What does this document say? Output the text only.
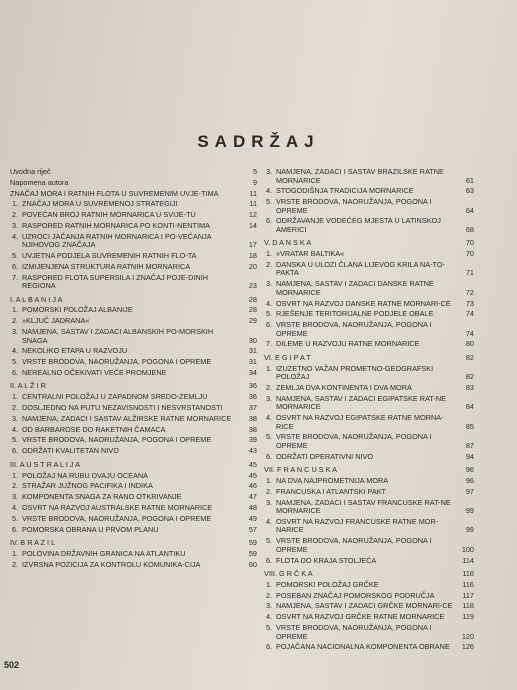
SADRŽAJ
Uvodna riječ	5
Napomena autora	9
ZNAČAJ MORA I RATNIH FLOTA U SUVREMENIM UVJE-TIMA	11
1. ZNAČAJ MORA U SUVREMENOJ STRATEGIJI	11
2. POVEĆAN BROJ RATNIH MORNARICA U SVIJE-TU	12
3. RASPORED RATNIH MORNARICA PO KONTI-NENTIMA	14
4. UZROCI JAČANJA RATNIH MORNARICA I PO-VEĆANJA NJIHOVOG ZNAČAJA	17
5. UVJETNA PODJELA SUVREMENIH RATNIH FLO-TA	18
6. IZMIJENJENA STRUKTURA RATNIH MORNARICA	20
7. RASPORED FLOTA SUPERSILA I ZNAČAJ POJE-DINIH REGIONA	23
I. A L B A N I J A	28
1. POMORSKI POLOŽAJ ALBANIJE	28
2. »KLJUČ JADRANA«	29
3. NAMJENA, SASTAV I ZADACI ALBANSKIH PO-MORSKIH SNAGA	30
4. NEKOLIKO ETAPA U RAZVOJU	31
5. VRSTE BRODOVA, NAORUŽANJA, POGONA I OPREME	31
6. NEREALNO OČEKIVATI VEĆE PROMJENE	34
II. A L Ž I R	36
1. CENTRALNI POLOŽAJ U ZAPADNOM SREDO-ZEMLJU	36
2. DOSLJEDNO NA PUTU NEZAVISNOSTI I NESVRSTANOSTI	37
3. NAMJENA, ZADACI I SASTAV ALŽIRSKE RATNE MORNARICE	38
4. OD BARBAROSE DO RAKETNIH ČAMACA	38
5. VRSTE BRODOVA, NAORUŽANJA, POGONA I OPREME	39
6. ODRŽATI KVALITETAN NIVO	43
III. A U S T R A L I J A	45
1. POLOŽAJ NA RUBU DVAJU OCEANA	45
2. STRAŽAR JUŽNOG PACIFIKA I INDIKA	46
3. KOMPONENTA SNAGA ZA RANO OTKRIVANJE	47
4. OSVRT NA RAZVOJ AUSTRALSKE RATNE MORNARICE	48
5. VRSTE BRODOVA, NAORUŽANJA, POGONA I OPREME	49
6. POMORSKA OBRANA U PRVOM PLANU	57
IV. B R A Z I L	59
1. POLOVINA DRŽAVNIH GRANICA NA ATLANTIKU	59
2. IZVRSNA POZICIJA ZA KONTROLU KOMUNIKA-CIJA	60
3. NAMJENA, ZADACI I SASTAV BRAZILSKE RATNE MORNARICE	61
4. STOGODIŠNJA TRADICIJA MORNARICE	63
5. VRSTE BRODOVA, NAORUŽANJA, POGONA I OPREME	64
6. ODRŽAVANJE VODEĆEG MJESTA U LATINSKOJ AMERICI	68
V. D A N S K A	70
1. »VRATAR BALTIKA«	70
2. DANSKA U ULOZI ČLANA LIJEVOG KRILA NA-TO-PAKTA	71
3. NAMJENA, SASTAV I ZADACI DANSKE RATNE MORNARICE	72
4. OSVRT NA RAZVOJ DANSKE RATNE MORNARI-CE	73
5. RJEŠENJE TERITORIJALNE PODJELE OBALE	74
6. VRSTE BRODOVA, NAORUŽANJA, POGONA I OPREME	74
7. DILEME U RAZVOJU RATNE MORNARICE	80
VI. E G I P A T	82
1. IZUZETNO VAŽAN PROMETNO-GEOGRAFSKI POLOŽAJ	82
2. ZEMLJA DVA KONTINENTA I DVA MORA	83
3. NAMJENA, SASTAV I ZADACI EGIPATSKE RAT-NE MORNARICE	84
4. OSVRT NA RAZVOJ EGIPATSKE RATNE MORNA-RICE	85
5. VRSTE BRODOVA, NAORUŽANJA, POGONA I OPREME	87
6. ODRŽATI OPERATIVNI NIVO	94
VII. F R A N C U S K A	96
1. NA DVA NAJPROMETNIJA MORA	96
2. FRANCUSKA I ATLANTSKI PAKT	97
3. NAMJENA, ZADACI I SASTAV FRANCUSKE RAT-NE MORNARICE	99
4. OSVRT NA RAZVOJ FRANCUSKE RATNE MOR-NARICE	99
5. VRSTE BRODOVA, NAORUŽANJA, POGONA I OPREME	100
6. FLOTA DO KRAJA STOLJEĆA	114
VIII. G R Č K A	116
1. POMORSKI POLOŽAJ GRČKE	116
2. POSEBAN ZNAČAJ POMORSKOG PODRUČJA	117
3. NAMJENA, SASTAV I ZADACI GRČKE MORNARI-CE	118
4. OSVRT NA RAZVOJ GRČKE RATNE MORNARICE	119
5. VRSTE BRODOVA, NAORUŽANJA, POGONA I OPREME	120
6. POJAČANA NACIONALNA KOMPONENTA OBRANE	126
502
